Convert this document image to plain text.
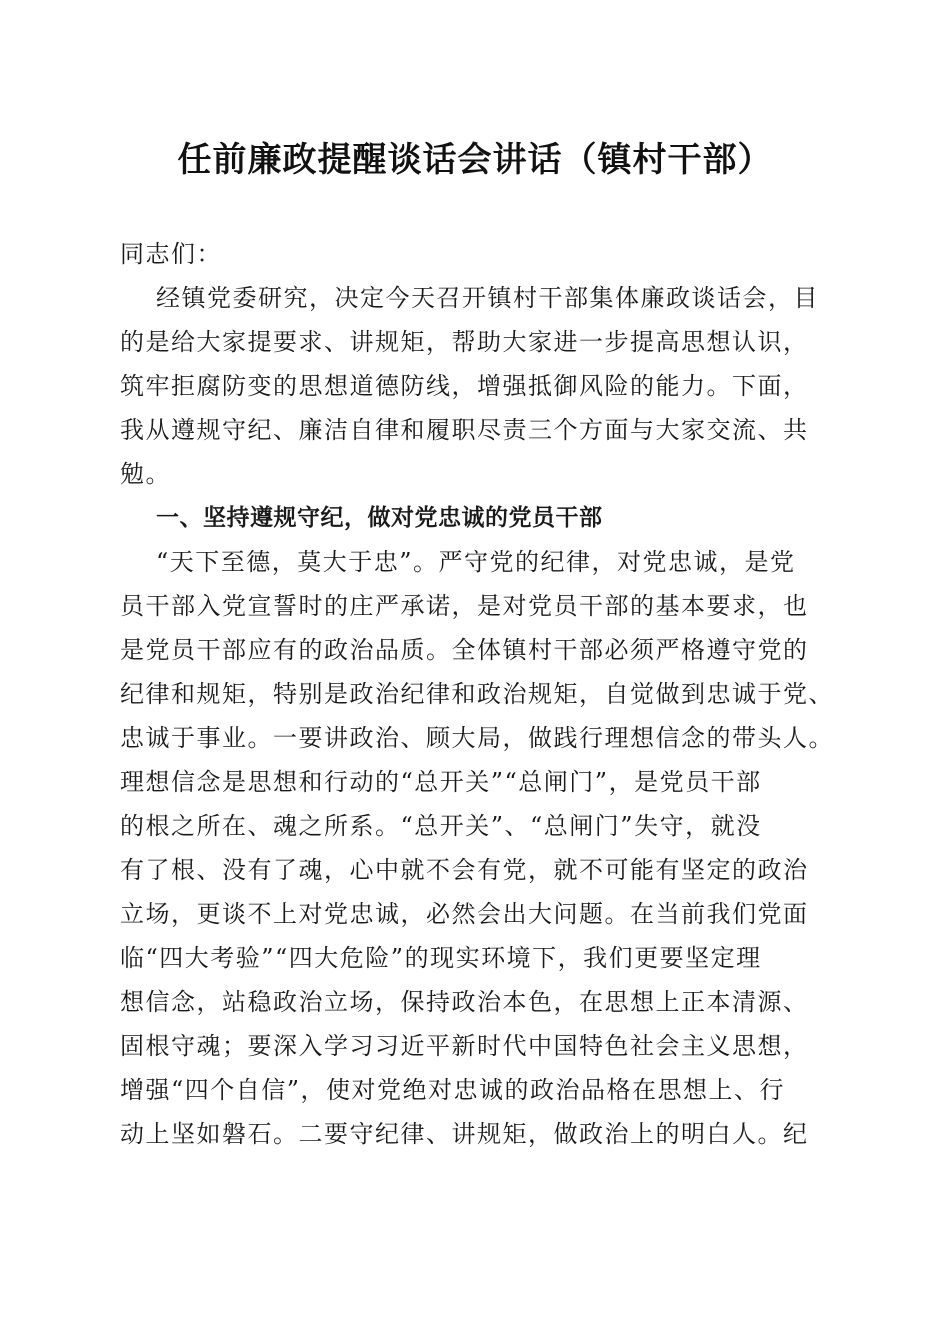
任前廉政提醒谈话会讲话（镇村干部）
同志们：
经镇党委研究，决定今天召开镇村干部集体廉政谈话会，目
的是给大家提要求、讲规矩，帮助大家进一步提高思想认识，
筑牢拒腐防变的思想道德防线，增强抵御风险的能力。下面，
我从遵规守纪、廉洁自律和履职尽责三个方面与大家交流、共
勉。
一、坚持遵规守纪，做对党忠诚的党员干部
“天下至德，莫大于忠”。严守党的纪律，对党忠诚，是党
员干部入党宣誓时的庄严承诺，是对党员干部的基本要求，也
是党员干部应有的政治品质。全体镇村干部必须严格遵守党的
纪律和规矩，特别是政治纪律和政治规矩，自觉做到忠诚于党、
忠诚于事业。一要讲政治、顾大局，做践行理想信念的带头人。
理想信念是思想和行动的“总开关”“总闸门”，是党员干部
的根之所在、魂之所系。“总开关”、“总闸门”失守，就没
有了根、没有了魂，心中就不会有党，就不可能有坚定的政治
立场，更谈不上对党忠诚，必然会出大问题。在当前我们党面
临“四大考验”“四大危险”的现实环境下，我们更要坚定理
想信念，站稳政治立场，保持政治本色，在思想上正本清源、
固根守魂；要深入学习习近平新时代中国特色社会主义思想，
增强“四个自信”，使对党绝对忠诚的政治品格在思想上、行
动上坚如磐石。二要守纪律、讲规矩，做政治上的明白人。纪
